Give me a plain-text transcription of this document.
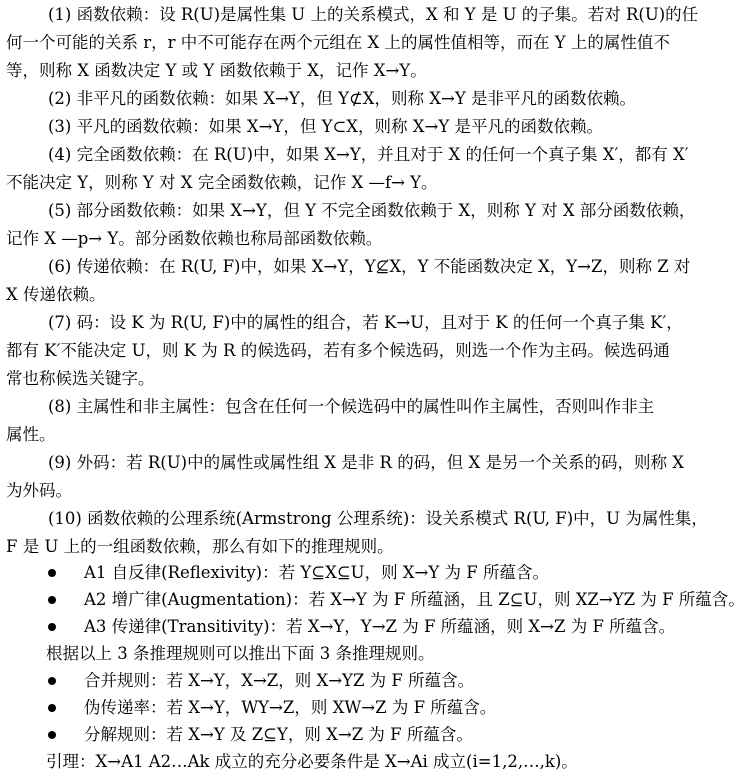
(1) 函数依赖：设 R(U)是属性集 U 上的关系模式，X 和 Y 是 U 的子集。若对 R(U)的任
何一个可能的关系 r，r 中不可能存在两个元组在 X 上的属性值相等，而在 Y 上的属性值不
等，则称 X 函数决定 Y 或 Y 函数依赖于 X，记作 X→Y。
(2) 非平凡的函数依赖：如果 X→Y，但 Y⊄X，则称 X→Y 是非平凡的函数依赖。
(3) 平凡的函数依赖：如果 X→Y，但 Y⊂X，则称 X→Y 是平凡的函数依赖。
(4) 完全函数依赖：在 R(U)中，如果 X→Y，并且对于 X 的任何一个真子集 X′，都有 X′
不能决定 Y，则称 Y 对 X 完全函数依赖，记作 X —f→ Y。
(5) 部分函数依赖：如果 X→Y，但 Y 不完全函数依赖于 X，则称 Y 对 X 部分函数依赖，
记作 X —p→ Y。部分函数依赖也称局部函数依赖。
(6) 传递依赖：在 R(U, F)中，如果 X→Y，Y⊈X，Y 不能函数决定 X，Y→Z，则称 Z 对
X 传递依赖。
(7) 码：设 K 为 R(U, F)中的属性的组合，若 K→U，且对于 K 的任何一个真子集 K′，
都有 K′不能决定 U，则 K 为 R 的候选码，若有多个候选码，则选一个作为主码。候选码通
常也称候选关键字。
(8) 主属性和非主属性：包含在任何一个候选码中的属性叫作主属性，否则叫作非主
属性。
(9) 外码：若 R(U)中的属性或属性组 X 是非 R 的码，但 X 是另一个关系的码，则称 X
为外码。
(10) 函数依赖的公理系统(Armstrong 公理系统)：设关系模式 R(U, F)中，U 为属性集，
F 是 U 上的一组函数依赖，那么有如下的推理规则。
A1 自反律(Reflexivity)：若 Y⊆X⊆U，则 X→Y 为 F 所蕴含。
A2 增广律(Augmentation)：若 X→Y 为 F 所蕴涵，且 Z⊆U，则 XZ→YZ 为 F 所蕴含。
A3 传递律(Transitivity)：若 X→Y，Y→Z 为 F 所蕴涵，则 X→Z 为 F 所蕴含。
根据以上 3 条推理规则可以推出下面 3 条推理规则。
合并规则：若 X→Y，X→Z，则 X→YZ 为 F 所蕴含。
伪传递率：若 X→Y，WY→Z，则 XW→Z 为 F 所蕴含。
分解规则：若 X→Y 及 Z⊆Y，则 X→Z 为 F 所蕴含。
引理：X→A1 A2…Ak 成立的充分必要条件是 X→Ai 成立(i=1,2,…,k)。
